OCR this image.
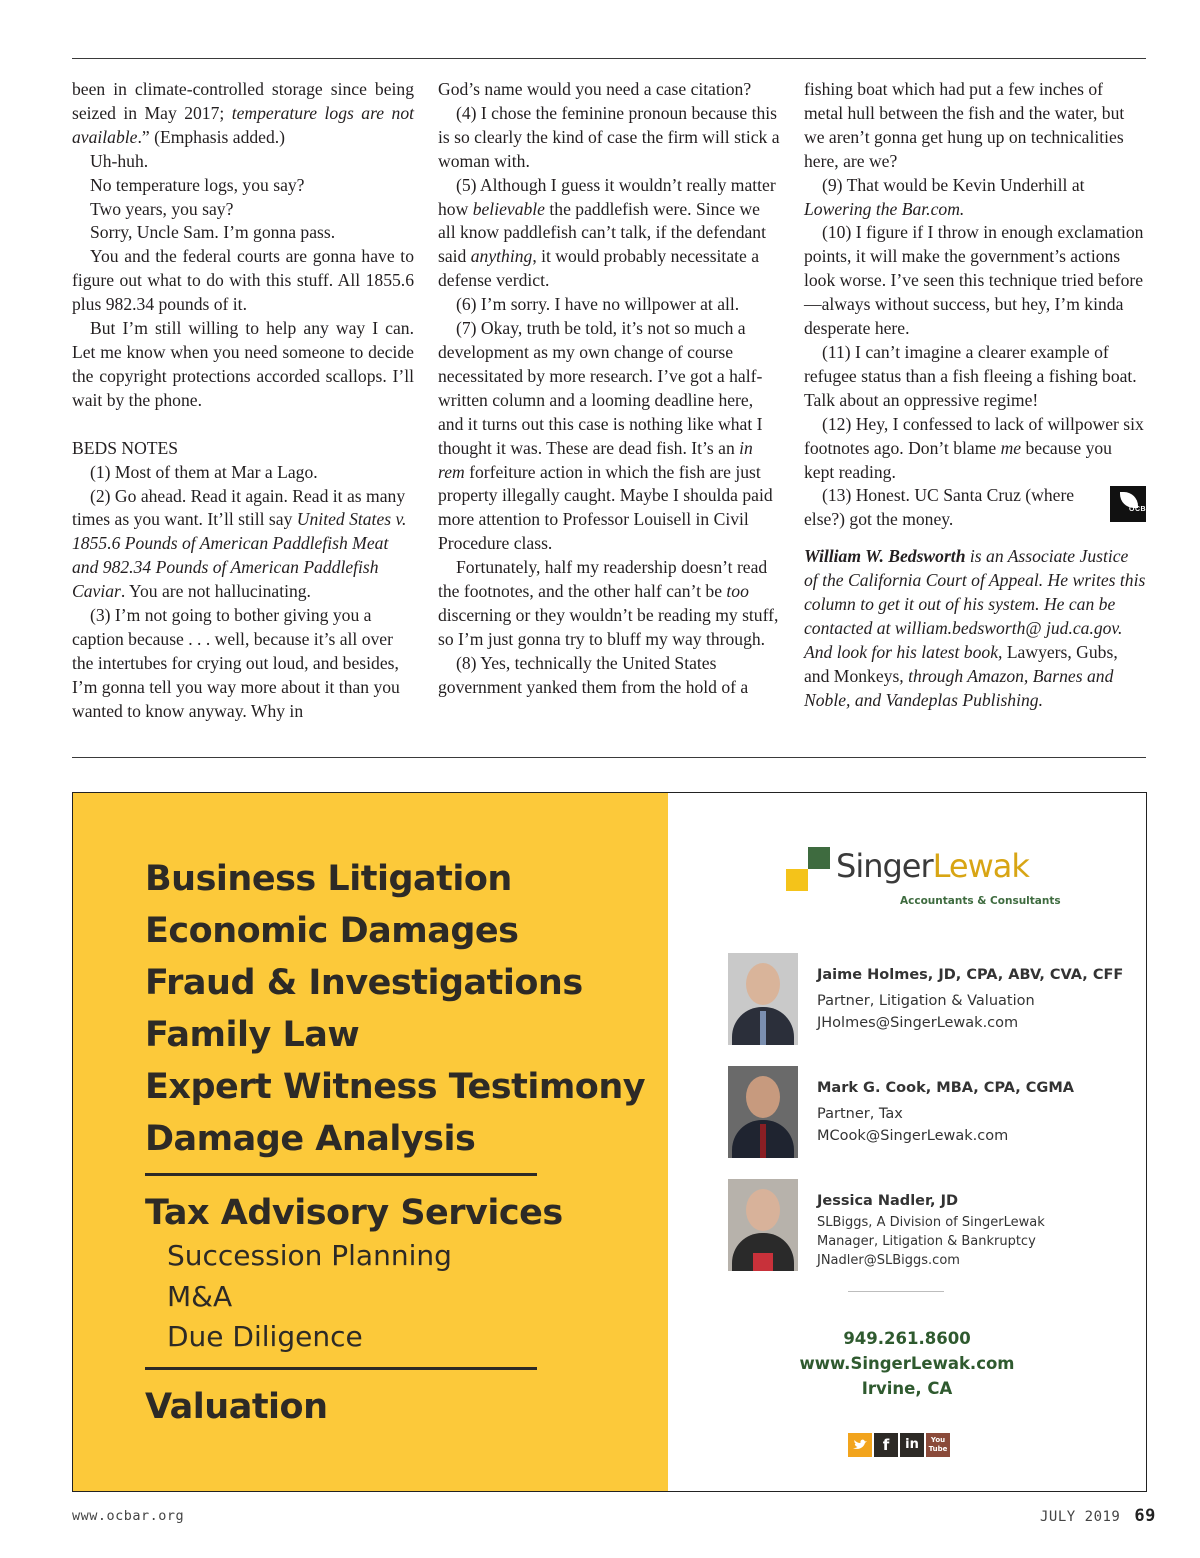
been in climate-controlled storage since being seized in May 2017; temperature logs are not available.” (Emphasis added.)

Uh-huh.

No temperature logs, you say?

Two years, you say?

Sorry, Uncle Sam. I’m gonna pass.

You and the federal courts are gonna have to figure out what to do with this stuff. All 1855.6 plus 982.34 pounds of it.

But I’m still willing to help any way I can. Let me know when you need someone to decide the copyright protections accorded scallops. I’ll wait by the phone.

BEDS NOTES

(1) Most of them at Mar a Lago.

(2) Go ahead. Read it again. Read it as many times as you want. It’ll still say United States v. 1855.6 Pounds of American Paddlefish Meat and 982.34 Pounds of American Paddlefish Caviar. You are not hallucinating.

(3) I’m not going to bother giving you a caption because . . . well, because it’s all over the intertubes for crying out loud, and besides, I’m gonna tell you way more about it than you wanted to know anyway. Why in

God’s name would you need a case citation?

(4) I chose the feminine pronoun because this is so clearly the kind of case the firm will stick a woman with.

(5) Although I guess it wouldn’t really matter how believable the paddlefish were. Since we all know paddlefish can’t talk, if the defendant said anything, it would probably necessitate a defense verdict.

(6) I’m sorry. I have no willpower at all.

(7) Okay, truth be told, it’s not so much a development as my own change of course necessitated by more research. I’ve got a half-written column and a looming deadline here, and it turns out this case is nothing like what I thought it was. These are dead fish. It’s an in rem forfeiture action in which the fish are just property illegally caught. Maybe I shoulda paid more attention to Professor Louisell in Civil Procedure class.

Fortunately, half my readership doesn’t read the footnotes, and the other half can’t be too discerning or they wouldn’t be reading my stuff, so I’m just gonna try to bluff my way through.

(8) Yes, technically the United States government yanked them from the hold of a

fishing boat which had put a few inches of metal hull between the fish and the water, but we aren’t gonna get hung up on technicalities here, are we?

(9) That would be Kevin Underhill at Lowering the Bar.com.

(10) I figure if I throw in enough exclamation points, it will make the government’s actions look worse. I’ve seen this technique tried before—always without success, but hey, I’m kinda desperate here.

(11) I can’t imagine a clearer example of refugee status than a fish fleeing a fishing boat. Talk about an oppressive regime!

(12) Hey, I confessed to lack of willpower six footnotes ago. Don’t blame me because you kept reading.

OCBA
(13) Honest. UC Santa Cruz (where else?) got the money.

William W. Bedsworth is an Associate Justice of the California Court of Appeal. He writes this column to get it out of his system. He can be contacted at william.bedsworth@ jud.ca.gov. And look for his latest book, Lawyers, Gubs, and Monkeys, through Amazon, Barnes and Noble, and Vandeplas Publishing.

Business Litigation
Economic Damages
Fraud & Investigations
Family Law
Expert Witness Testimony
Damage Analysis
Tax Advisory Services
Succession Planning
M&A
Due Diligence
Valuation
SingerLewak
Accountants & Consultants
Jaime Holmes, JD, CPA, ABV, CVA, CFF
Partner, Litigation & Valuation
JHolmes@SingerLewak.com
Mark G. Cook, MBA, CPA, CGMA
Partner, Tax
MCook@SingerLewak.com
Jessica Nadler, JD
SLBiggs, A Division of SingerLewak
Manager, Litigation & Bankruptcy
JNadler@SLBiggs.com
949.261.8600
www.SingerLewak.com
Irvine, CA
f	in	You
Tube
www.ocbar.org	JULY 2019 69
